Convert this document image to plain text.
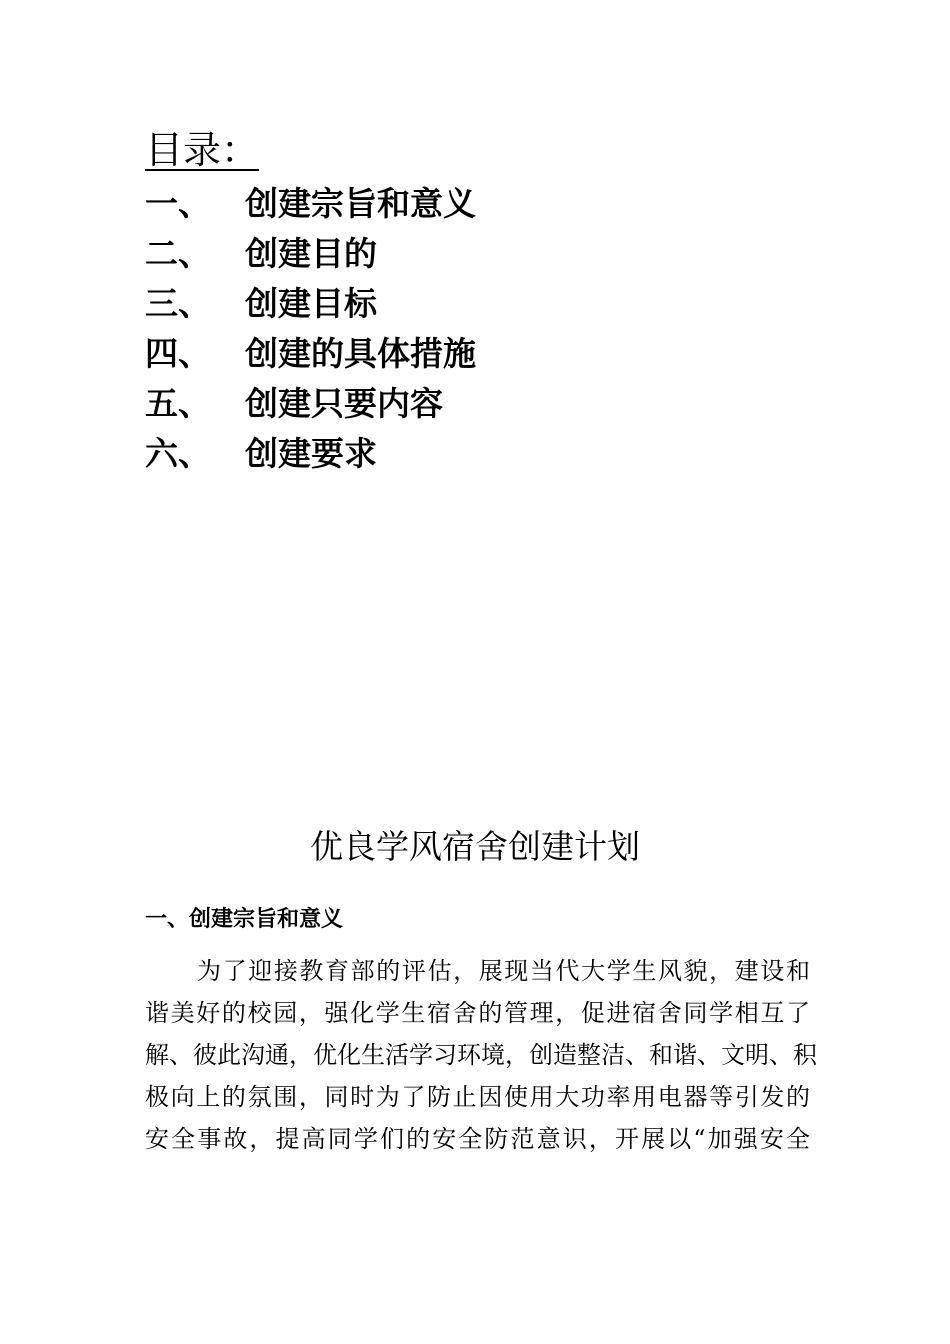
目录：
一、	创建宗旨和意义
二、	创建目的
三、	创建目标
四、	创建的具体措施
五、	创建只要内容
六、	创建要求
优良学风宿舍创建计划
一、创建宗旨和意义

为了迎接教育部的评估，展现当代大学生风貌，建设和
谐美好的校园，强化学生宿舍的管理，促进宿舍同学相互了
解、彼此沟通，优化生活学习环境，创造整洁、和谐、文明、积
极向上的氛围，同时为了防止因使用大功率用电器等引发的
安全事故，提高同学们的安全防范意识，开展以“加强安全
